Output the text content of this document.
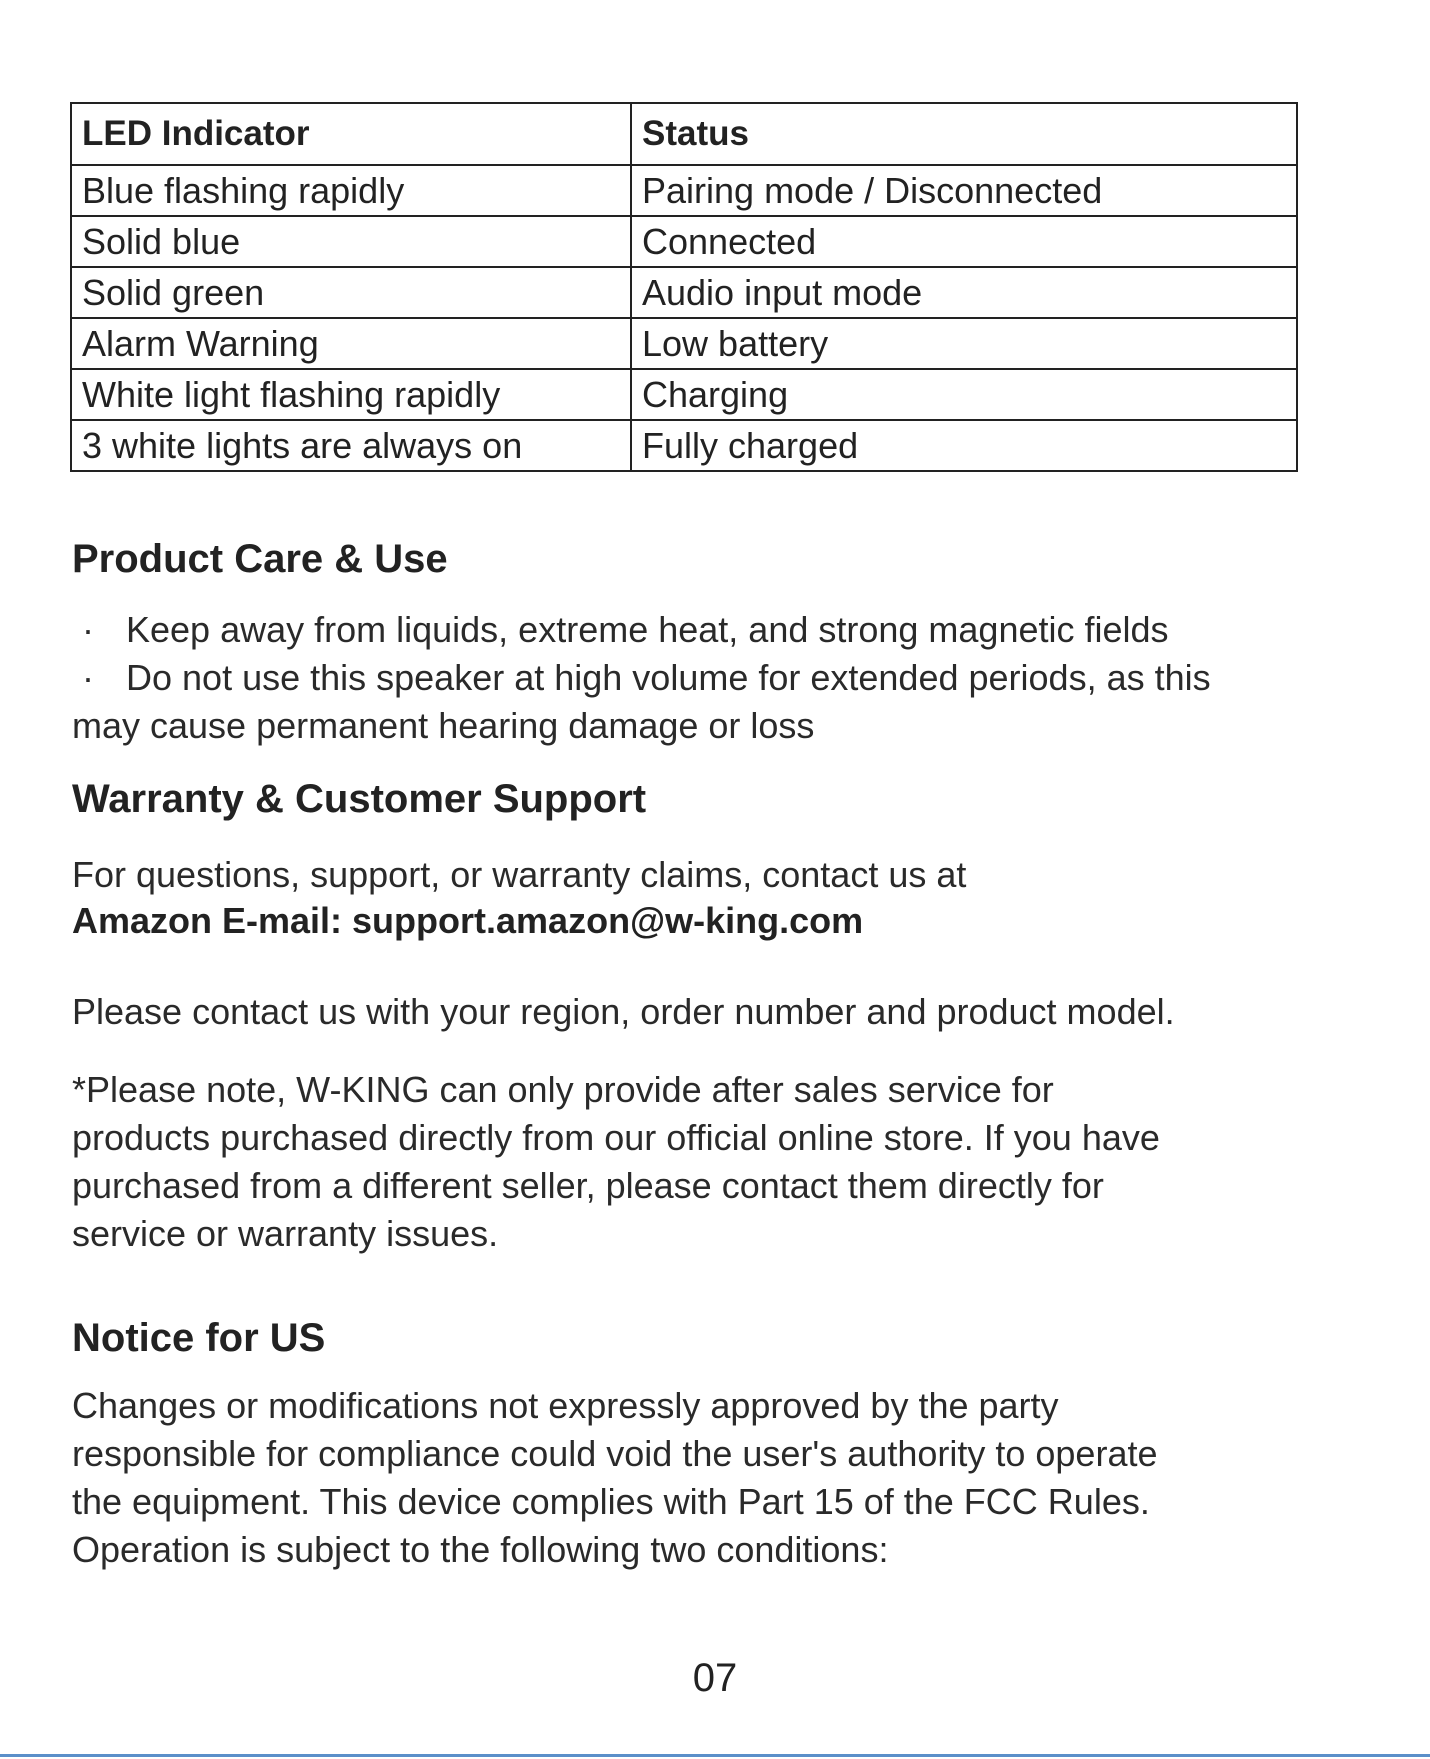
LED Indicator	Status
Blue flashing rapidly	Pairing mode / Disconnected
Solid blue	Connected
Solid green	Audio input mode
Alarm Warning	Low battery
White light flashing rapidly	Charging
3 white lights are always on	Fully charged
Product Care & Use
· Keep away from liquids, extreme heat, and strong magnetic fields
· Do not use this speaker at high volume for extended periods, as this
may cause permanent hearing damage or loss
Warranty & Customer Support
For questions, support, or warranty claims, contact us at
Amazon E-mail: support.amazon@w-king.com
Please contact us with your region, order number and product model.
*Please note, W-KING can only provide after sales service for
products purchased directly from our official online store. If you have
purchased from a different seller, please contact them directly for
service or warranty issues.
Notice for US
Changes or modifications not expressly approved by the party
responsible for compliance could void the user's authority to operate
the equipment. This device complies with Part 15 of the FCC Rules.
Operation is subject to the following two conditions:
07
